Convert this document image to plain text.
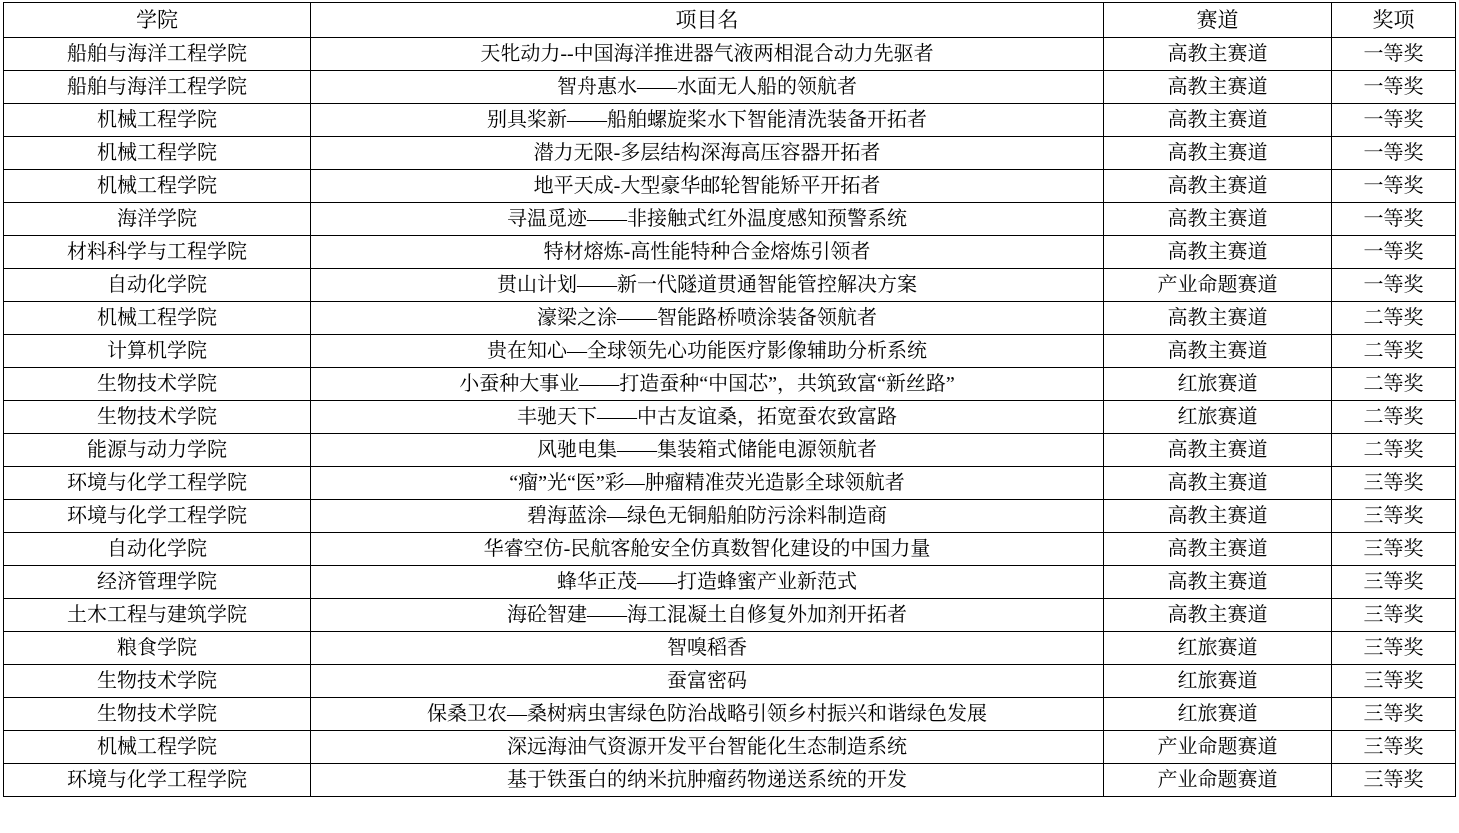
学院	项目名	赛道	奖项
船舶与海洋工程学院	天牝动力--中国海洋推进器气液两相混合动力先驱者	高教主赛道	一等奖
船舶与海洋工程学院	智舟惠水——水面无人船的领航者	高教主赛道	一等奖
机械工程学院	别具桨新——船舶螺旋桨水下智能清洗装备开拓者	高教主赛道	一等奖
机械工程学院	潜力无限-多层结构深海高压容器开拓者	高教主赛道	一等奖
机械工程学院	地平天成-大型豪华邮轮智能矫平开拓者	高教主赛道	一等奖
海洋学院	寻温觅迹——非接触式红外温度感知预警系统	高教主赛道	一等奖
材料科学与工程学院	特材熔炼-高性能特种合金熔炼引领者	高教主赛道	一等奖
自动化学院	贯山计划——新一代隧道贯通智能管控解决方案	产业命题赛道	一等奖
机械工程学院	濠梁之涂——智能路桥喷涂装备领航者	高教主赛道	二等奖
计算机学院	贵在知心—全球领先心功能医疗影像辅助分析系统	高教主赛道	二等奖
生物技术学院	小蚕种大事业——打造蚕种“中国芯”，共筑致富“新丝路”	红旅赛道	二等奖
生物技术学院	丰驰天下——中古友谊桑，拓宽蚕农致富路	红旅赛道	二等奖
能源与动力学院	风驰电集——集装箱式储能电源领航者	高教主赛道	二等奖
环境与化学工程学院	“瘤”光“医”彩—肿瘤精准荧光造影全球领航者	高教主赛道	三等奖
环境与化学工程学院	碧海蓝涂—绿色无铜船舶防污涂料制造商	高教主赛道	三等奖
自动化学院	华睿空仿-民航客舱安全仿真数智化建设的中国力量	高教主赛道	三等奖
经济管理学院	蜂华正茂——打造蜂蜜产业新范式	高教主赛道	三等奖
土木工程与建筑学院	海砼智建——海工混凝土自修复外加剂开拓者	高教主赛道	三等奖
粮食学院	智嗅稻香	红旅赛道	三等奖
生物技术学院	蚕富密码	红旅赛道	三等奖
生物技术学院	保桑卫农—桑树病虫害绿色防治战略引领乡村振兴和谐绿色发展	红旅赛道	三等奖
机械工程学院	深远海油气资源开发平台智能化生态制造系统	产业命题赛道	三等奖
环境与化学工程学院	基于铁蛋白的纳米抗肿瘤药物递送系统的开发	产业命题赛道	三等奖
